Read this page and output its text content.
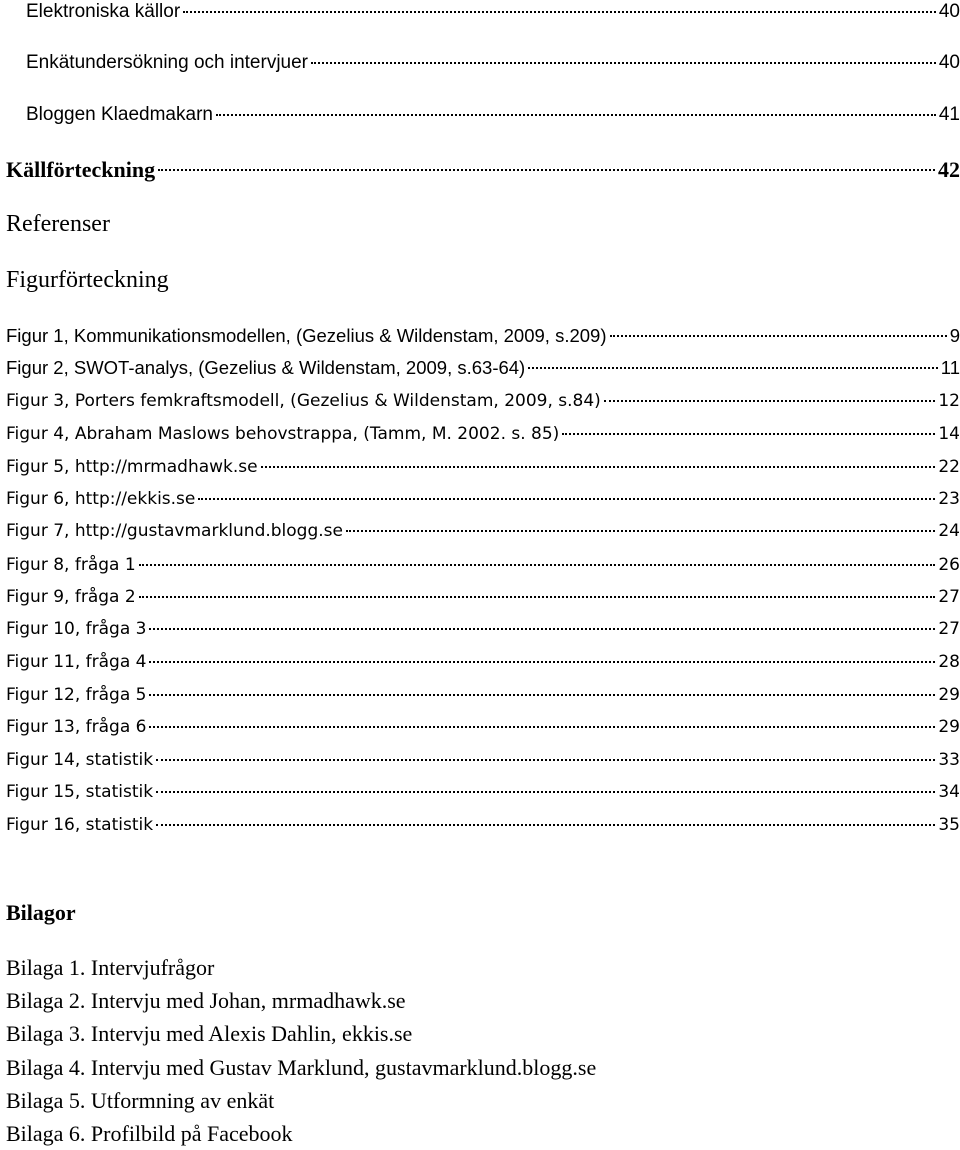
Elektroniska källor	40
Enkätundersökning och intervjuer	40
Bloggen Klaedmakarn	41
Källförteckning	42
Referenser
Figurförteckning
Figur 1, Kommunikationsmodellen, (Gezelius & Wildenstam, 2009, s.209)	9
Figur 2, SWOT-analys, (Gezelius & Wildenstam, 2009, s.63-64)	11
Figur 3, Porters femkraftsmodell, (Gezelius & Wildenstam, 2009, s.84)	12
Figur 4, Abraham Maslows behovstrappa, (Tamm, M. 2002. s. 85)	14
Figur 5, http://mrmadhawk.se	22
Figur 6, http://ekkis.se	23
Figur 7, http://gustavmarklund.blogg.se	24
Figur 8, fråga 1	26
Figur 9, fråga 2	27
Figur 10, fråga 3	27
Figur 11, fråga 4	28
Figur 12, fråga 5	29
Figur 13, fråga 6	29
Figur 14, statistik	33
Figur 15, statistik	34
Figur 16, statistik	35
Bilagor
Bilaga 1. Intervjufrågor
Bilaga 2. Intervju med Johan, mrmadhawk.se
Bilaga 3. Intervju med Alexis Dahlin, ekkis.se
Bilaga 4. Intervju med Gustav Marklund, gustavmarklund.blogg.se
Bilaga 5. Utformning av enkät
Bilaga 6. Profilbild på Facebook
